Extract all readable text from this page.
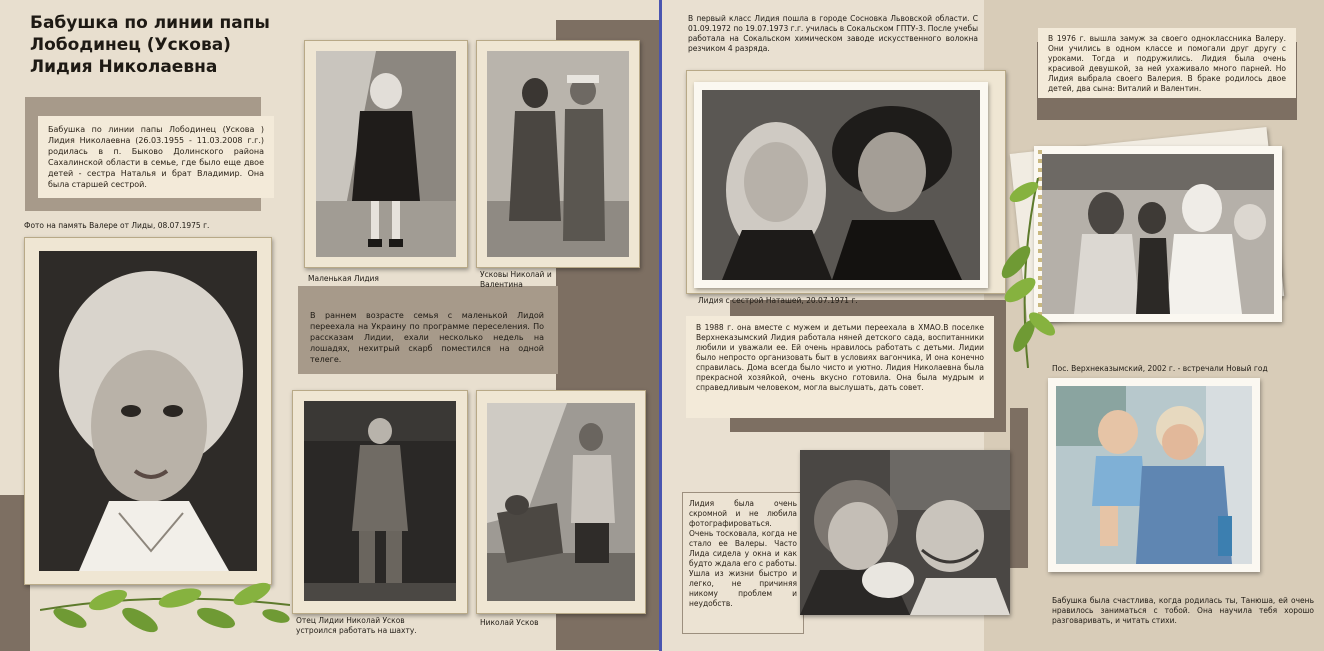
Бабушка по линии папы
Лободинец (Ускова)
Лидия Николаевна
Бабушка по линии папы Лободинец (Ускова ) Лидия Николаевна (26.03.1955 - 11.03.2008 г.г.) родилась в п. Быково Долинского района Сахалинской области в семье, где было еще двое детей - сестра Наталья и брат Владимир. Она была старшей сестрой.
Фото на память Валере от Лиды, 08.07.1975 г.
Маленькая Лидия	Усковы Николай и Валентина
В раннем возрасте семья с маленькой Лидой переехала на Украину по программе переселения. По рассказам Лидии, ехали несколько недель на лошадях, нехитрый скарб поместился на одной телеге.
Отец Лидии Николай Усков устроился работать на шахту.
Николай Усков
В первый класс Лидия пошла в городе Сосновка Львовской области. С 01.09.1972 по 19.07.1973 г.г. училась в Сокальском ГПТУ-3. После учебы работала на Сокальском химическом заводе искусственного волокна резчиком 4 разряда.
Лидия с сестрой Наташей, 20.07.1971 г.
В 1988 г. она вместе с мужем и детьми переехала в ХМАО.В поселке Верхнеказымский Лидия работала няней детского сада, воспитанники любили и уважали ее. Ей очень нравилось работать с детьми. Лидии было непросто организовать быт в условиях вагончика, И она конечно справилась. Дома всегда было чисто и уютно. Лидия Николаевна была прекрасной хозяйкой, очень вкусно готовила. Она была мудрым и справедливым человеком, могла выслушать, дать совет.
Лидия была очень скромной и не любила фотографироваться. Очень тосковала, когда не стало ее Валеры. Часто Лида сидела у окна и как будто ждала его с работы. Ушла из жизни быстро и легко, не причиняя никому проблем и неудобств.
В 1976 г. вышла замуж за своего одноклассника Валеру. Они учились в одном классе и помогали друг другу с уроками. Тогда и подружились. Лидия была очень красивой девушкой, за ней ухаживало много парней. Но Лидия выбрала своего Валерия. В браке родилось двое детей, два сына: Виталий и Валентин.
Пос. Верхнеказымский, 2002 г. - встречали Новый год
Бабушка была счастлива, когда родилась ты, Танюша, ей очень нравилось заниматься с тобой. Она научила тебя хорошо разговаривать, и читать стихи.
